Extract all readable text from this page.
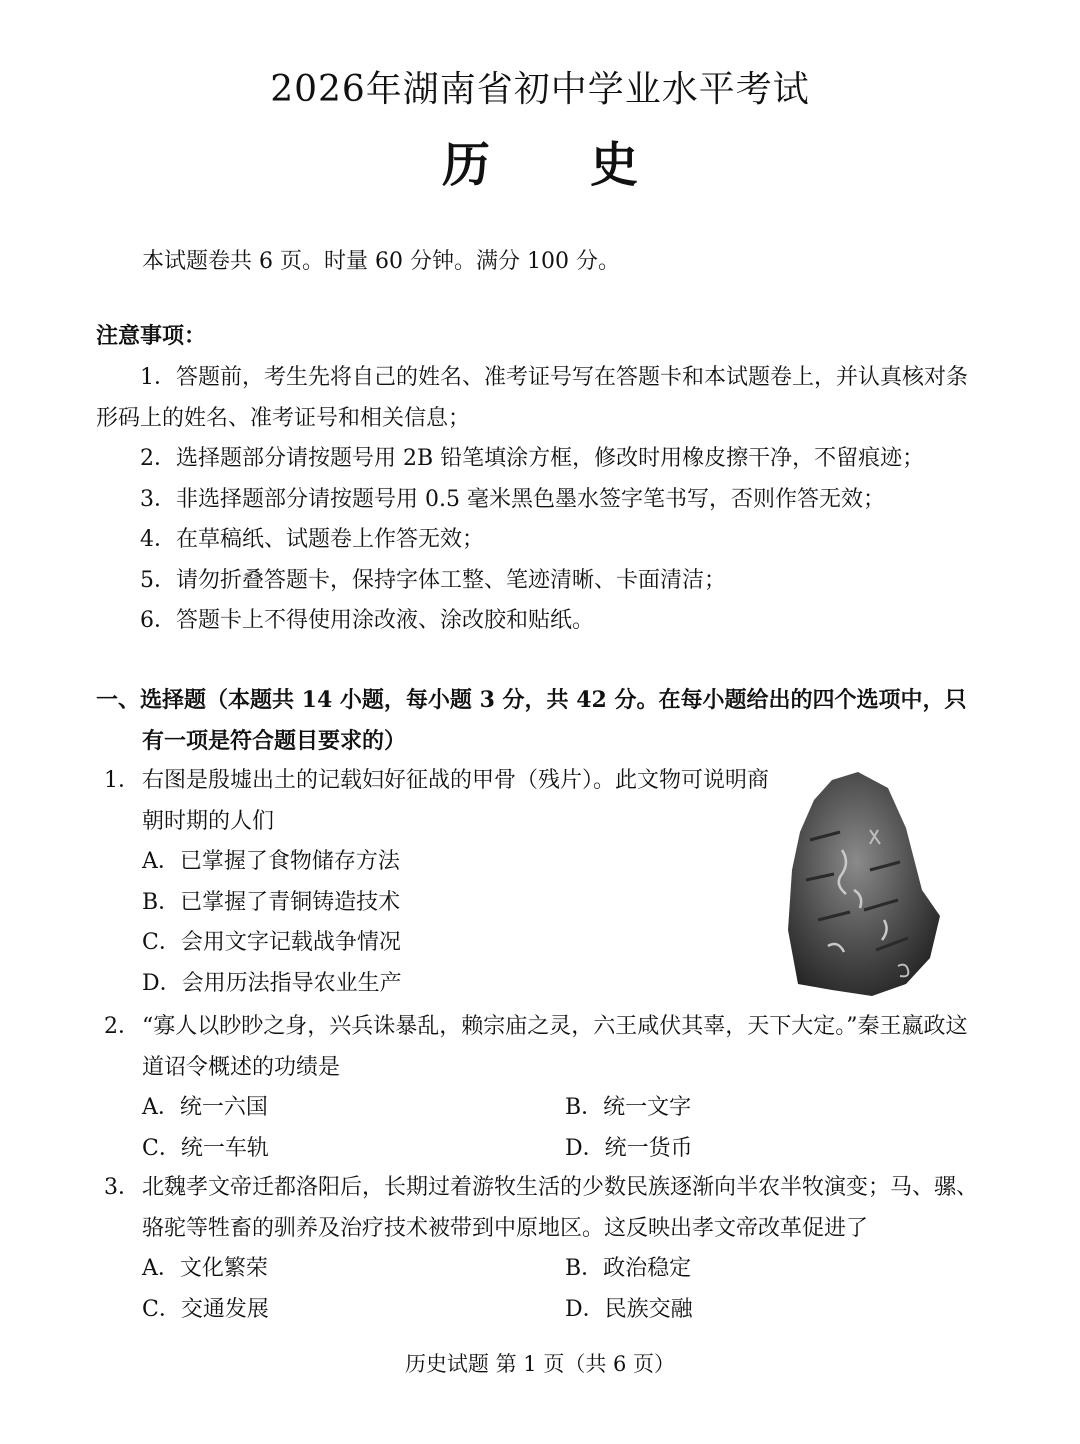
2026年湖南省初中学业水平考试
历史
本试题卷共 6 页。时量 60 分钟。满分 100 分。
注意事项：

1．答题前，考生先将自己的姓名、准考证号写在答题卡和本试题卷上，并认真核对条形码上的姓名、准考证号和相关信息；

2．选择题部分请按题号用 2B 铅笔填涂方框，修改时用橡皮擦干净，不留痕迹；

3．非选择题部分请按题号用 0.5 毫米黑色墨水签字笔书写，否则作答无效；

4．在草稿纸、试题卷上作答无效；

5．请勿折叠答题卡，保持字体工整、笔迹清晰、卡面清洁；

6．答题卡上不得使用涂改液、涂改胶和贴纸。

一、选择题（本题共 14 小题，每小题 3 分，共 42 分。在每小题给出的四个选项中，只
有一项是符合题目要求的）
1． 右图是殷墟出土的记载妇好征战的甲骨（残片）。此文物可说明商朝时期的人们
A．已掌握了食物储存方法
B．已掌握了青铜铸造技术
C．会用文字记载战争情况
D．会用历法指导农业生产
2． “寡人以眇眇之身，兴兵诛暴乱，赖宗庙之灵，六王咸伏其辜，天下大定。”秦王嬴政这道诏令概述的功绩是
A．统一六国	B．统一文字
C．统一车轨	D．统一货币
3． 北魏孝文帝迁都洛阳后，长期过着游牧生活的少数民族逐渐向半农半牧演变；马、骡、骆驼等牲畜的驯养及治疗技术被带到中原地区。这反映出孝文帝改革促进了
A．文化繁荣	B．政治稳定
C．交通发展	D．民族交融
历史试题 第 1 页（共 6 页）
